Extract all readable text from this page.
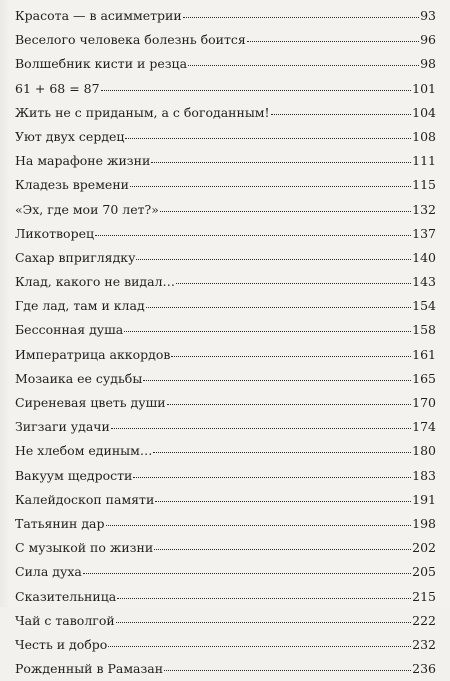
Красота — в асимметрии	93
Веселого человека болезнь боится	96
Волшебник кисти и резца	98
61 + 68 = 87	101
Жить не с приданым, а с богоданным!	104
Уют двух сердец	108
На марафоне жизни	111
Кладезь времени	115
«Эх, где мои 70 лет?»	132
Ликотворец	137
Сахар вприглядку	140
Клад, какого не видал…	143
Где лад, там и клад	154
Бессонная душа	158
Императрица аккордов	161
Мозаика ее судьбы	165
Сиреневая цветь души	170
Зигзаги удачи	174
Не хлебом единым…	180
Вакуум щедрости	183
Калейдоскоп памяти	191
Татьянин дар	198
С музыкой по жизни	202
Сила духа	205
Сказительница	215
Чай с таволгой	222
Честь и добро	232
Рожденный в Рамазан	236
